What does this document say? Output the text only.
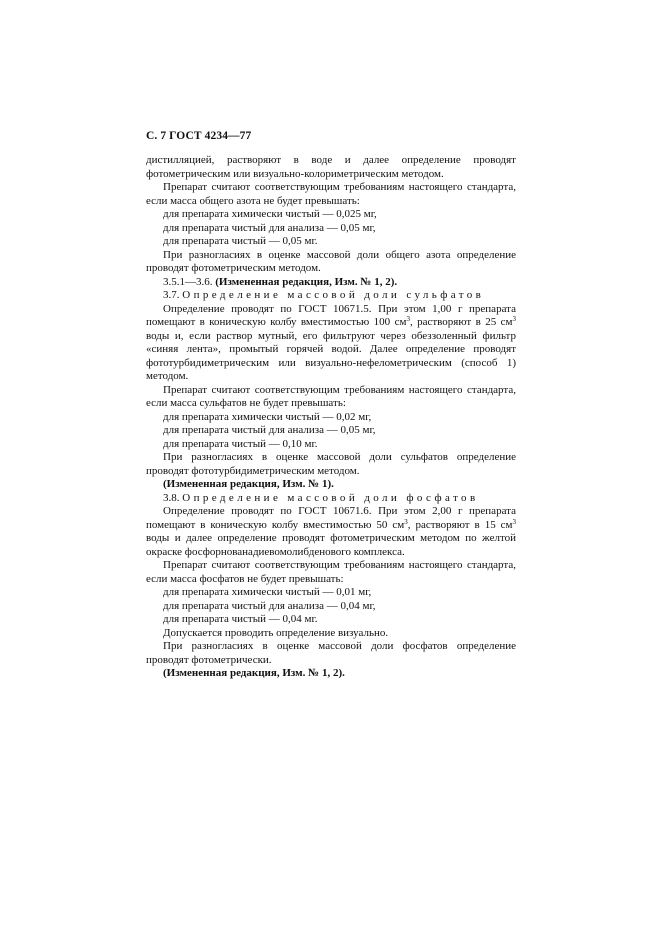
С. 7 ГОСТ 4234—77

дистилляцией, растворяют в воде и далее определение проводят фотометрическим или визуально-колориметрическим методом.

Препарат считают соответствующим требованиям настоящего стандарта, если масса общего азота не будет превышать:

для препарата химически чистый — 0,025 мг,

для препарата чистый для анализа — 0,05 мг,

для препарата чистый — 0,05 мг.

При разногласиях в оценке массовой доли общего азота определение проводят фотометрическим методом.

3.5.1—3.6. (Измененная редакция, Изм. № 1, 2).

3.7. Определение массовой доли сульфатов

Определение проводят по ГОСТ 10671.5. При этом 1,00 г препарата помещают в коническую колбу вместимостью 100 $см^3$, растворяют в 25 $см^3$ воды и, если раствор мутный, его фильтруют через обеззоленный фильтр «синяя лента», промытый горячей водой. Далее определение проводят фототурбидиметрическим или визуально-нефелометрическим (способ 1) методом.

Препарат считают соответствующим требованиям настоящего стандарта, если масса сульфатов не будет превышать:

для препарата химически чистый — 0,02 мг,

для препарата чистый для анализа — 0,05 мг,

для препарата чистый — 0,10 мг.

При разногласиях в оценке массовой доли сульфатов определение проводят фототурбидиметрическим методом.

(Измененная редакция, Изм. № 1).

3.8. Определение массовой доли фосфатов

Определение проводят по ГОСТ 10671.6. При этом 2,00 г препарата помещают в коническую колбу вместимостью 50 $см^3$, растворяют в 15 $см^3$ воды и далее определение проводят фотометрическим методом по желтой окраске фосфорнованадиевомолибденового комплекса.

Препарат считают соответствующим требованиям настоящего стандарта, если масса фосфатов не будет превышать:

для препарата химически чистый — 0,01 мг,

для препарата чистый для анализа — 0,04 мг,

для препарата чистый — 0,04 мг.

Допускается проводить определение визуально.

При разногласиях в оценке массовой доли фосфатов определение проводят фотометрически.

(Измененная редакция, Изм. № 1, 2).
